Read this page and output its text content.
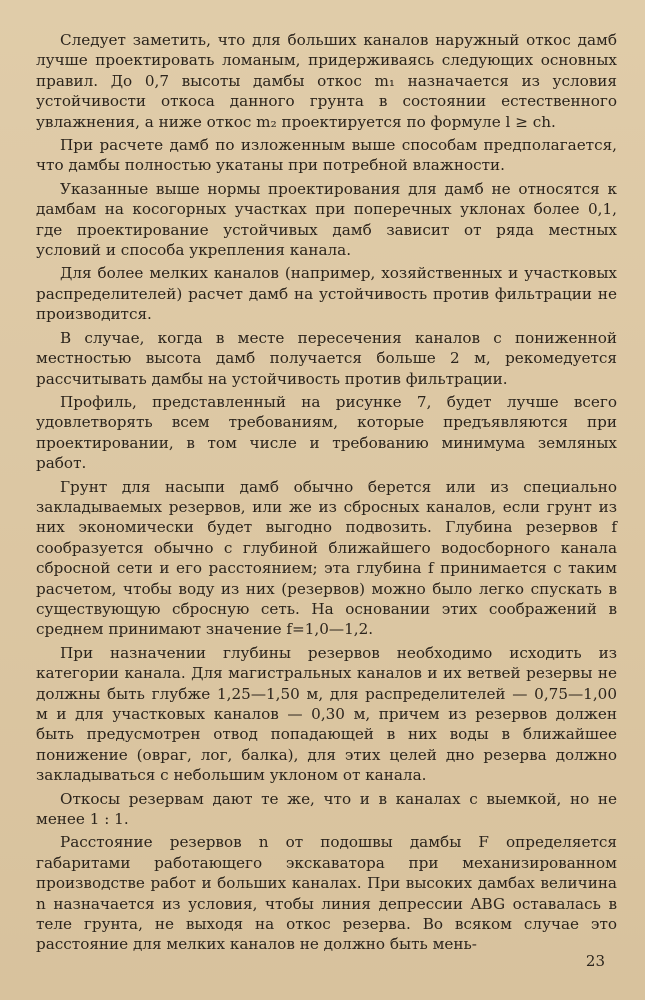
Следует заметить, что для больших каналов наружный откос дамб лучше проектировать ломаным, придерживаясь следующих основных правил. До 0,7 высоты дамбы откос m₁ назначается из условия устойчивости откоса данного грунта в состоянии естественного увлажнения, а ниже откос m₂ проектируется по формуле l ≥ ch.

При расчете дамб по изложенным выше способам предполагается, что дамбы полностью укатаны при потребной влажности.

Указанные выше нормы проектирования для дамб не относятся к дамбам на косогорных участках при поперечных уклонах более 0,1, где проектирование устойчивых дамб зависит от ряда местных условий и способа укрепления канала.

Для более мелких каналов (например, хозяйственных и участковых распределителей) расчет дамб на устойчивость против фильтрации не производится.

В случае, когда в месте пересечения каналов с пониженной местностью высота дамб получается больше 2 м, рекомедуется рассчитывать дамбы на устойчивость против фильтрации.

Профиль, представленный на рисунке 7, будет лучше всего удовлетворять всем требованиям, которые предъявляются при проектировании, в том числе и требованию минимума земляных работ.

Грунт для насыпи дамб обычно берется или из специально закладываемых резервов, или же из сбросных каналов, если грунт из них экономически будет выгодно подвозить. Глубина резервов f сообразуется обычно с глубиной ближайшего водосборного канала сбросной сети и его расстоянием; эта глубина f принимается с таким расчетом, чтобы воду из них (резервов) можно было легко спускать в существующую сбросную сеть. На основании этих соображений в среднем принимают значение f=1,0—1,2.

При назначении глубины резервов необходимо исходить из категории канала. Для магистральных каналов и их ветвей резервы не должны быть глубже 1,25—1,50 м, для распределителей — 0,75—1,00 м и для участковых каналов — 0,30 м, причем из резервов должен быть предусмотрен отвод попадающей в них воды в ближайшее понижение (овраг, лог, балка), для этих целей дно резерва должно закладываться с небольшим уклоном от канала.

Откосы резервам дают те же, что и в каналах с выемкой, но не менее 1 : 1.

Расстояние резервов n от подошвы дамбы F определяется габаритами работающего экскаватора при механизированном производстве работ и больших каналах. При высоких дамбах величина n назначается из условия, чтобы линия депрессии ABG оставалась в теле грунта, не выходя на откос резерва. Во всяком случае это расстояние для мелких каналов не должно быть мень-

23
